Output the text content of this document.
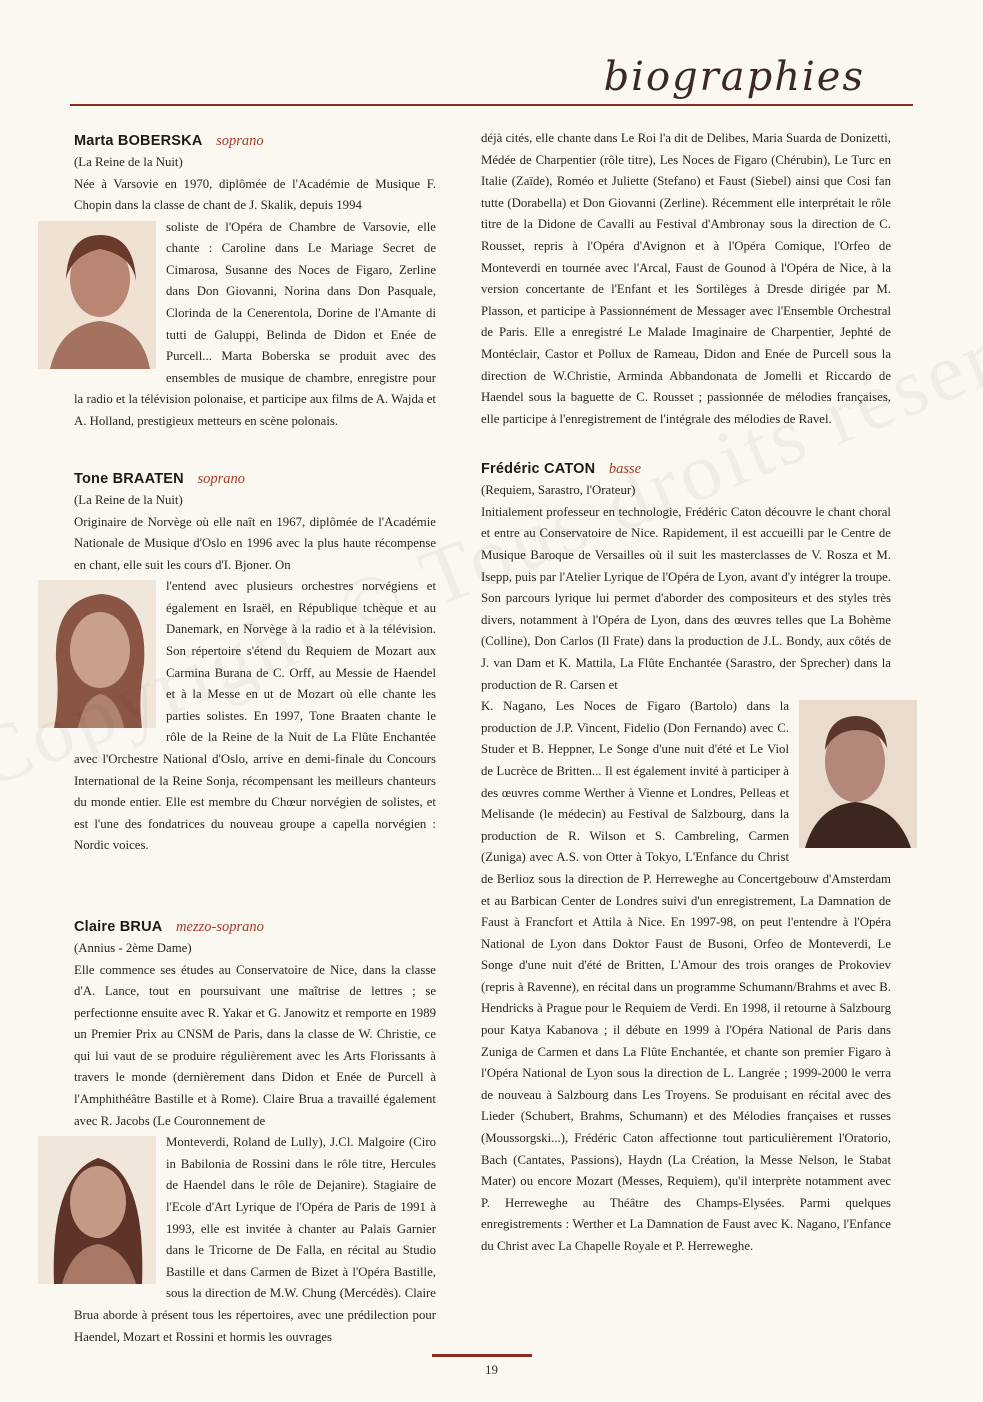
biographies

Marta BOBERSKA soprano

(La Reine de la Nuit)

Née à Varsovie en 1970, diplômée de l'Académie de Musique F. Chopin dans la classe de chant de J. Skalik, depuis 1994

soliste de l'Opéra de Chambre de Varsovie, elle chante : Caroline dans Le Mariage Secret de Cimarosa, Susanne des Noces de Figaro, Zerline dans Don Giovanni, Norina dans Don Pasquale, Clorinda de la Cenerentola, Dorine de l'Amante di tutti de Galuppi, Belinda de Didon et Enée de Purcell... Marta Boberska se produit avec des ensembles de musique de chambre, enregistre pour la radio et la télévision polonaise, et participe aux films de A. Wajda et A. Holland, prestigieux metteurs en scène polonais.

Tone BRAATEN soprano

(La Reine de la Nuit)

Originaire de Norvège où elle naît en 1967, diplômée de l'Académie Nationale de Musique d'Oslo en 1996 avec la plus haute récompense en chant, elle suit les cours d'I. Bjoner. On

l'entend avec plusieurs orchestres norvégiens et également en Israël, en République tchèque et au Danemark, en Norvège à la radio et à la télévision. Son répertoire s'étend du Requiem de Mozart aux Carmina Burana de C. Orff, au Messie de Haendel et à la Messe en ut de Mozart où elle chante les parties solistes. En 1997, Tone Braaten chante le rôle de la Reine de la Nuit de La Flûte Enchantée avec l'Orchestre National d'Oslo, arrive en demi-finale du Concours International de la Reine Sonja, récompensant les meilleurs chanteurs du monde entier. Elle est membre du Chœur norvégien de solistes, et est l'une des fondatrices du nouveau groupe a capella norvégien : Nordic voices.

Claire BRUA mezzo-soprano

(Annius - 2ème Dame)

Elle commence ses études au Conservatoire de Nice, dans la classe d'A. Lance, tout en poursuivant une maîtrise de lettres ; se perfectionne ensuite avec R. Yakar et G. Janowitz et remporte en 1989 un Premier Prix au CNSM de Paris, dans la classe de W. Christie, ce qui lui vaut de se produire régulièrement avec les Arts Florissants à travers le monde (dernièrement dans Didon et Enée de Purcell à l'Amphithéâtre Bastille et à Rome). Claire Brua a travaillé également avec R. Jacobs (Le Couronnement de

Monteverdi, Roland de Lully), J.Cl. Malgoire (Ciro in Babilonia de Rossini dans le rôle titre, Hercules de Haendel dans le rôle de Dejanire). Stagiaire de l'Ecole d'Art Lyrique de l'Opéra de Paris de 1991 à 1993, elle est invitée à chanter au Palais Garnier dans le Tricorne de De Falla, en récital au Studio Bastille et dans Carmen de Bizet à l'Opéra Bastille, sous la direction de M.W. Chung (Mercédès). Claire Brua aborde à présent tous les répertoires, avec une prédilection pour Haendel, Mozart et Rossini et hormis les ouvrages

déjà cités, elle chante dans Le Roi l'a dit de Delibes, Maria Suarda de Donizetti, Médée de Charpentier (rôle titre), Les Noces de Figaro (Chérubin), Le Turc en Italie (Zaïde), Roméo et Juliette (Stefano) et Faust (Siebel) ainsi que Cosi fan tutte (Dorabella) et Don Giovanni (Zerline). Récemment elle interprétait le rôle titre de la Didone de Cavalli au Festival d'Ambronay sous la direction de C. Rousset, repris à l'Opéra d'Avignon et à l'Opéra Comique, l'Orfeo de Monteverdi en tournée avec l'Arcal, Faust de Gounod à l'Opéra de Nice, à la version concertante de l'Enfant et les Sortilèges à Dresde dirigée par M. Plasson, et participe à Passionnément de Messager avec l'Ensemble Orchestral de Paris. Elle a enregistré Le Malade Imaginaire de Charpentier, Jephté de Montéclair, Castor et Pollux de Rameau, Didon and Enée de Purcell sous la direction de W.Christie, Arminda Abbandonata de Jomelli et Riccardo de Haendel sous la baguette de C. Rousset ; passionnée de mélodies françaises, elle participe à l'enregistrement de l'intégrale des mélodies de Ravel.

Frédéric CATON basse

(Requiem, Sarastro, l'Orateur)

Initialement professeur en technologie, Frédéric Caton découvre le chant choral et entre au Conservatoire de Nice. Rapidement, il est accueilli par le Centre de Musique Baroque de Versailles où il suit les masterclasses de V. Rosza et M. Isepp, puis par l'Atelier Lyrique de l'Opéra de Lyon, avant d'y intégrer la troupe. Son parcours lyrique lui permet d'aborder des compositeurs et des styles très divers, notamment à l'Opéra de Lyon, dans des œuvres telles que La Bohème (Colline), Don Carlos (Il Frate) dans la production de J.L. Bondy, aux côtés de J. van Dam et K. Mattila, La Flûte Enchantée (Sarastro, der Sprecher) dans la production de R. Carsen et

K. Nagano, Les Noces de Figaro (Bartolo) dans la production de J.P. Vincent, Fidelio (Don Fernando) avec C. Studer et B. Heppner, Le Songe d'une nuit d'été et Le Viol de Lucrèce de Britten... Il est également invité à participer à des œuvres comme Werther à Vienne et Londres, Pelleas et Melisande (le médecin) au Festival de Salzbourg, dans la production de R. Wilson et S. Cambreling, Carmen (Zuniga) avec A.S. von Otter à Tokyo, L'Enfance du Christ de Berlioz sous la direction de P. Herreweghe au Concertgebouw d'Amsterdam et au Barbican Center de Londres suivi d'un enregistrement, La Damnation de Faust à Francfort et Attila à Nice. En 1997-98, on peut l'entendre à l'Opéra National de Lyon dans Doktor Faust de Busoni, Orfeo de Monteverdi, Le Songe d'une nuit d'été de Britten, L'Amour des trois oranges de Prokoviev (repris à Ravenne), en récital dans un programme Schumann/Brahms et avec B. Hendricks à Prague pour le Requiem de Verdi. En 1998, il retourne à Salzbourg pour Katya Kabanova ; il débute en 1999 à l'Opéra National de Paris dans Zuniga de Carmen et dans La Flûte Enchantée, et chante son premier Figaro à l'Opéra National de Lyon sous la direction de L. Langrée ; 1999-2000 le verra de nouveau à Salzbourg dans Les Troyens. Se produisant en récital avec des Lieder (Schubert, Brahms, Schumann) et des Mélodies françaises et russes (Moussorgski...), Frédéric Caton affectionne tout particulièrement l'Oratorio, Bach (Cantates, Passions), Haydn (La Création, la Messe Nelson, le Stabat Mater) ou encore Mozart (Messes, Requiem), qu'il interprète notamment avec P. Herreweghe au Théâtre des Champs-Elysées. Parmi quelques enregistrements : Werther et La Damnation de Faust avec K. Nagano, l'Enfance du Christ avec La Chapelle Royale et P. Herreweghe.

19
